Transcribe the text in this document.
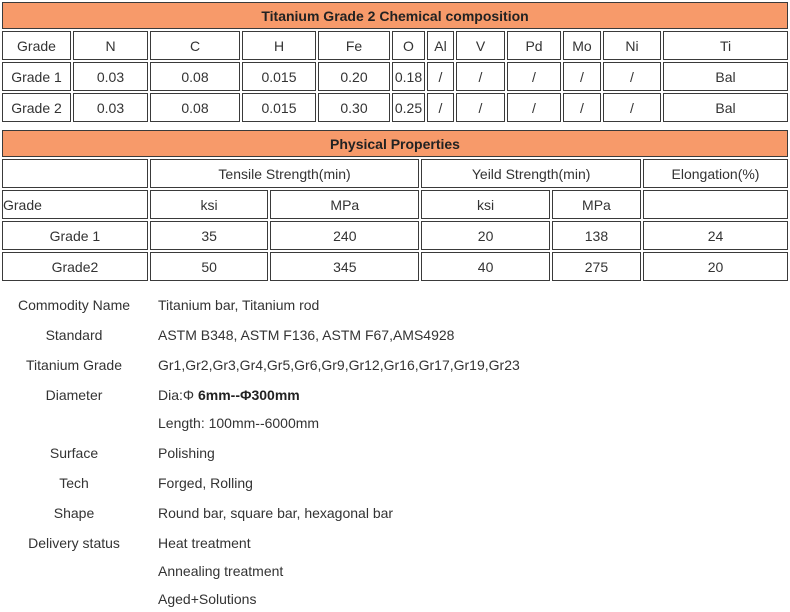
Titanium Grade 2 Chemical composition											
Grade	N	C	H	Fe	O	Al	V	Pd	Mo	Ni	Ti
Grade 1	0.03	0.08	0.015	0.20	0.18	/	/	/	/	/	Bal
Grade 2	0.03	0.08	0.015	0.30	0.25	/	/	/	/	/	Bal
Physical Properties					
	Tensile Strength(min)		Yeild Strength(min)		Elongation(%)
Grade	ksi	MPa	ksi	MPa	
Grade 1	35	240	20	138	24
Grade2	50	345	40	275	20
Commodity Name	Titanium bar, Titanium rod
Standard	ASTM B348, ASTM F136, ASTM F67,AMS4928
Titanium Grade	Gr1,Gr2,Gr3,Gr4,Gr5,Gr6,Gr9,Gr12,Gr16,Gr17,Gr19,Gr23
Diameter	Dia:Φ 6mm--Φ300mm
Length: 100mm--6000mm
Surface	Polishing
Tech	Forged, Rolling
Shape	Round bar, square bar, hexagonal bar
Delivery status	Heat treatment
Annealing treatment
Aged+Solutions
